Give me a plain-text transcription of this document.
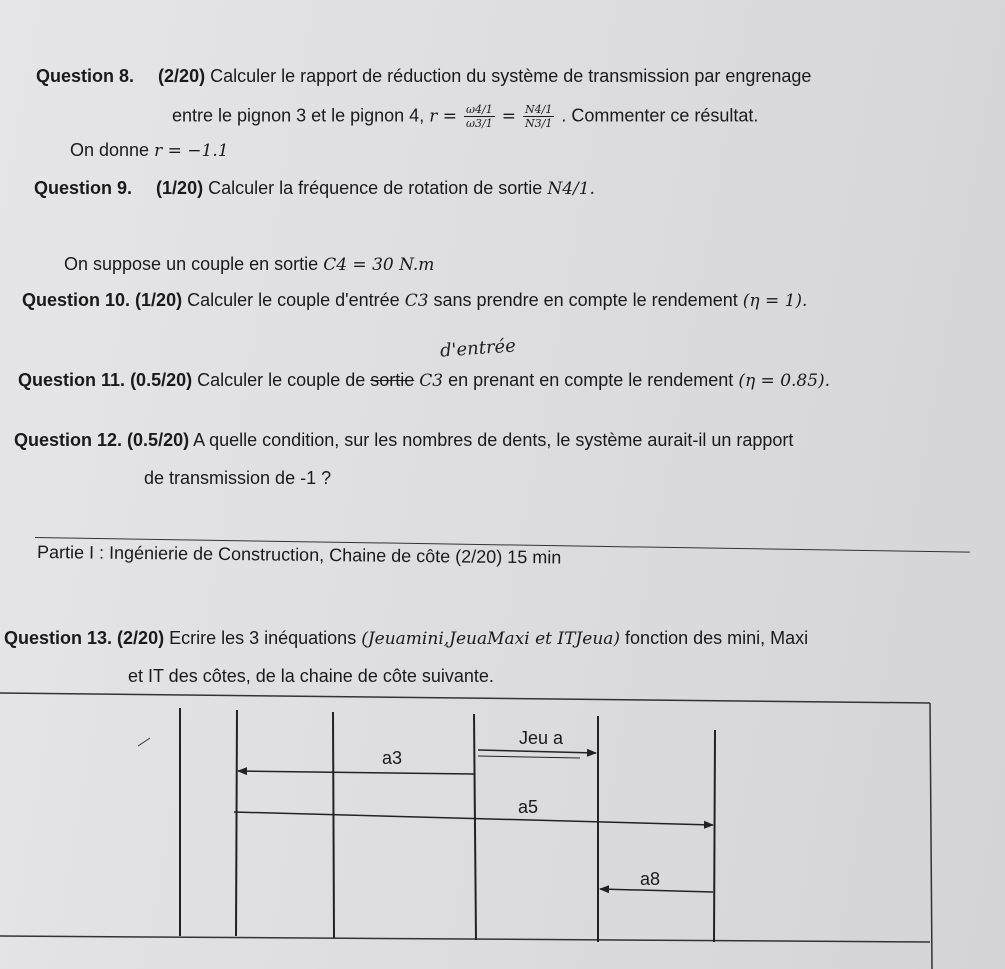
Question 8. (2/20) Calculer le rapport de réduction du système de transmission par engrenage
entre le pignon 3 et le pignon 4, $r = \frac{\omega 4/1}{\omega 3/1} = \frac{N4/1}{N3/1}$ . Commenter ce résultat.
On donne r = −1.1
Question 9. (1/20) Calculer la fréquence de rotation de sortie N4/1.
On suppose un couple en sortie C4 = 30 N.m
Question 10. (1/20) Calculer le couple d'entrée C3 sans prendre en compte le rendement (η = 1).
d'entrée
Question 11. (0.5/20) Calculer le couple de sortie C3 en prenant en compte le rendement (η = 0.85).
Question 12. (0.5/20) A quelle condition, sur les nombres de dents, le système aurait-il un rapport
de transmission de -1 ?
Partie I : Ingénierie de Construction, Chaine de côte (2/20) 15 min
Question 13. (2/20) Ecrire les 3 inéquations (Jeuamini,JeuaMaxi et ITJeua) fonction des mini, Maxi
et IT des côtes, de la chaine de côte suivante.
a3
Jeu a
a5
a8
